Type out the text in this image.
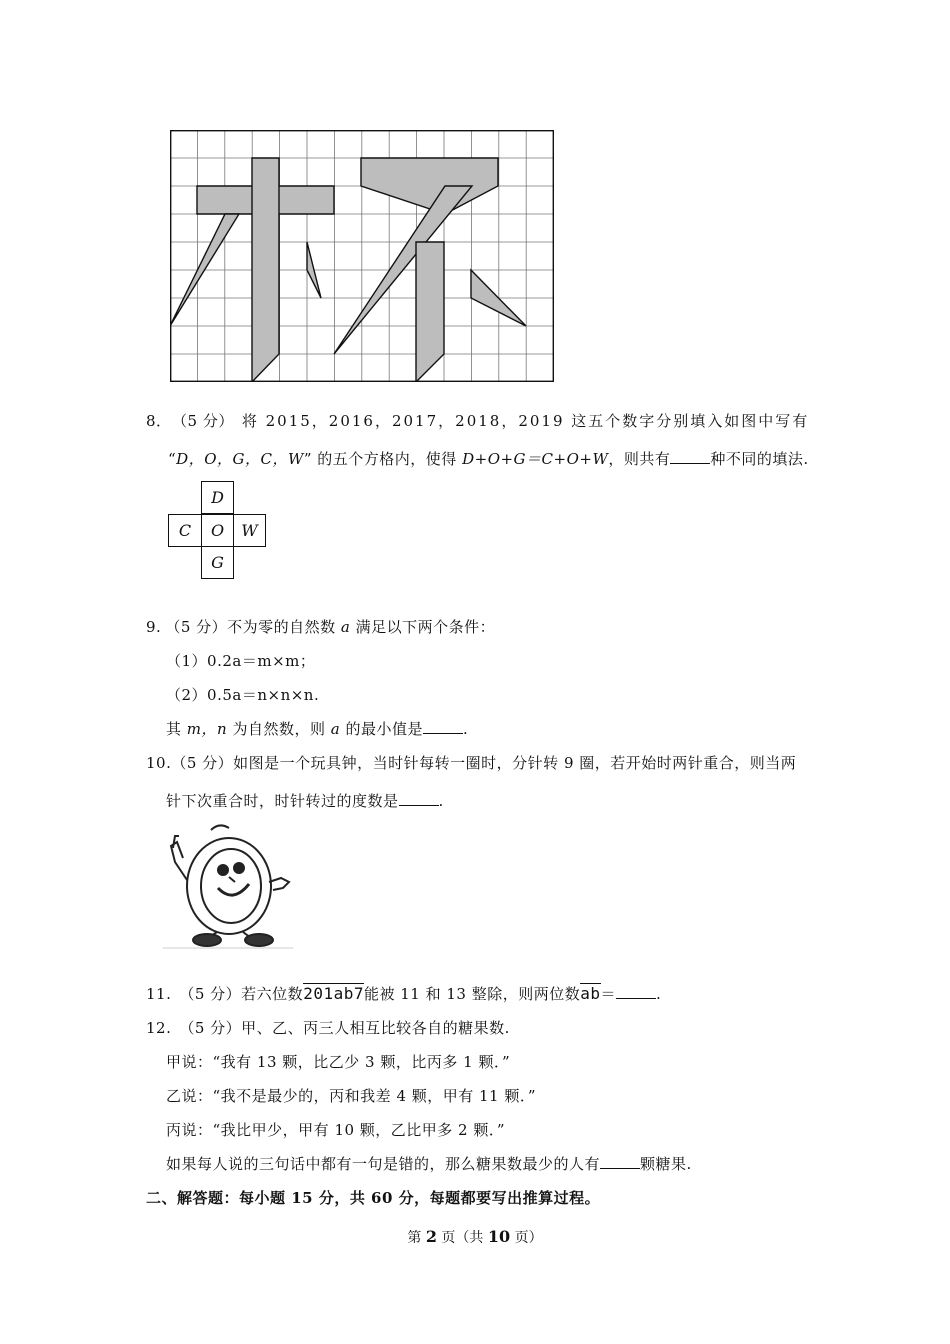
8． （5 分） 将 2015，2016，2017，2018，2019 这五个数字分别填入如图中写有
“D，O，G，C，W” 的五个方格内，使得 D+O+G＝C+O+W，则共有	种不同的填法.
D
C	O	W
G
9. （5 分）不为零的自然数 a 满足以下两个条件：
（1）0.2a＝m×m；
（2）0.5a＝n×n×n.
其 m，n 为自然数，则 a 的最小值是	.
10.（5 分）如图是一个玩具钟，当时针每转一圈时，分针转 9 圈，若开始时两针重合，则当两
针下次重合时，时针转过的度数是	.
11. （5 分）若六位数201ab7能被 11 和 13 整除，则两位数ab＝	.
12. （5 分）甲、乙、丙三人相互比较各自的糖果数.
甲说：“我有 13 颗，比乙少 3 颗，比丙多 1 颗．”
乙说：“我不是最少的，丙和我差 4 颗，甲有 11 颗．”
丙说：“我比甲少，甲有 10 颗，乙比甲多 2 颗．”
如果每人说的三句话中都有一句是错的，那么糖果数最少的人有	颗糖果.
二、解答题：每小题 15 分，共 60 分，每题都要写出推算过程。
第 2 页（共 10 页）
